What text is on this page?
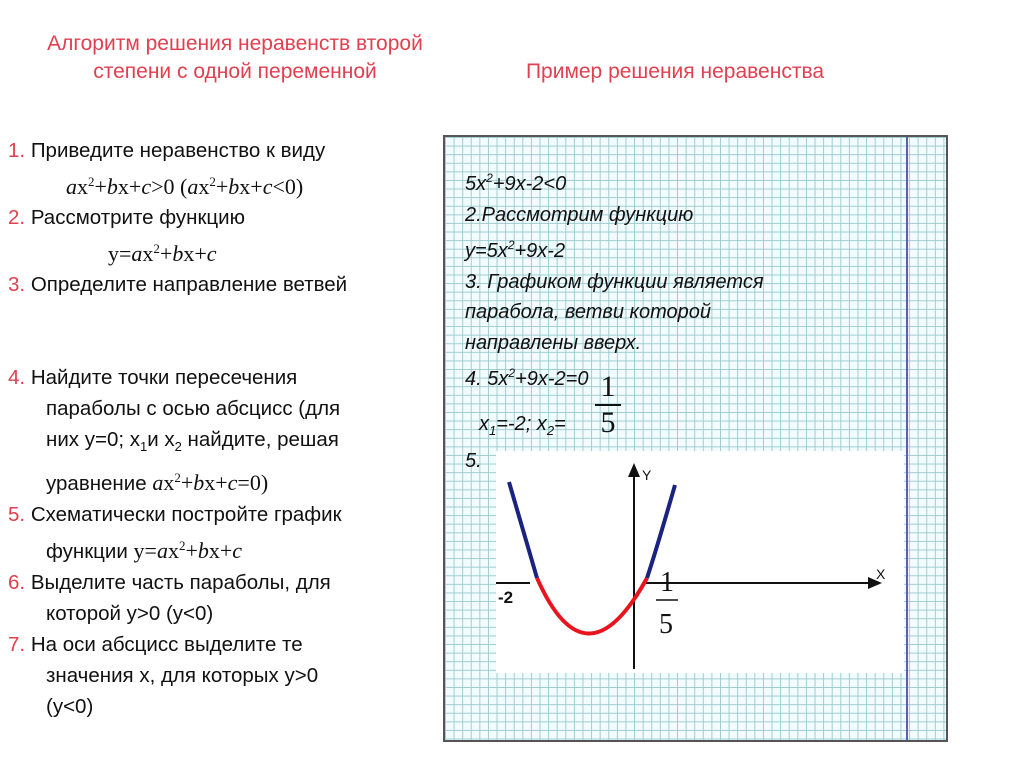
Алгоритм решения неравенств второй степени с одной переменной	Пример решения неравенства
1. Приведите неравенство к виду
$ax^2+bx+c>0$ $(ax^2+bx+c<0)$
2. Рассмотрите функцию
$y=ax^2+bx+c$
3. Определите направление ветвей
4. Найдите точки пересечения
параболы с осью абсцисс (для
них y=0; $x_1и$ $x_2$ найдите, решая
уравнение $ax^2+bx+c=0$)
5. Схематически постройте график
функции $y=ax^2+bx+c$
6. Выделите часть параболы, для
которой y>0 (y<0)
7. На оси абсцисс выделите те
значения x, для которых y>0
(y<0)
$5x^2+9x-2<0$
2.Рассмотрим функцию
$y=5x^2+9x-2$
3. Графиком функции является
парабола, ветви которой
направлены вверх.
4. $5x^2+9x-2=0$
$x_1=-2$; $x_2=$
5.
1
5
Y
X
-2	1
5
